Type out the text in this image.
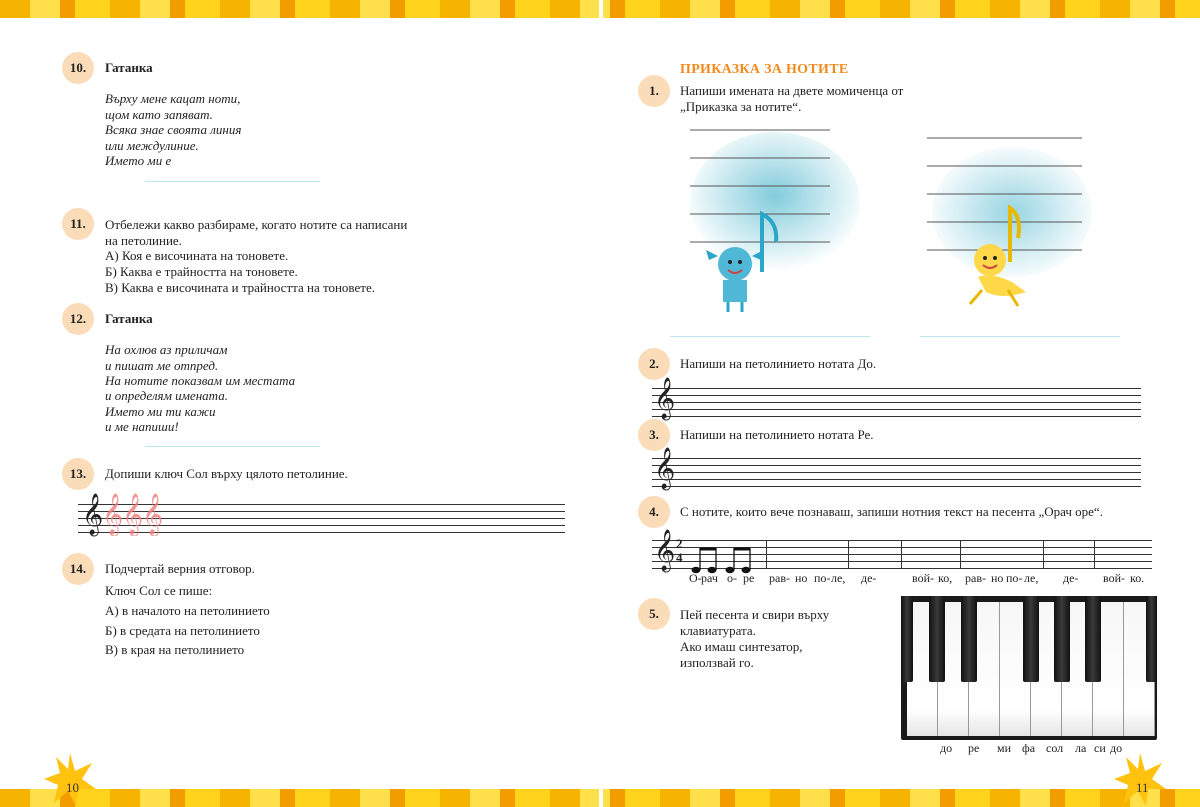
10.	Гатанка
Върху мене кацат ноти,
щом като запяват.
Всяка знае своята линия
или междулиние.
Името ми е
11.	Отбележи какво разбираме, когато нотите са написани
на петолиние.
А) Коя е височината на тоновете.
Б) Каква е трайността на тоновете.
В) Каква е височината и трайността на тоновете.
12.	Гатанка
На охлюв аз приличам
и пишат ме отпред.
На нотите показвам им местата
и определям имената.
Името ми ти кажи
и ме напиши!
13.	Допиши ключ Сол върху цялото петолиние.
𝄞
𝄞
𝄞
𝄞
14.	Подчертай верния отговор.
Ключ Сол се пише:
А) в началото на петолинието
Б) в средата на петолинието
В) в края на петолинието
10
ПРИКАЗКА ЗА НОТИТЕ
1.	Напиши имената на двете момиченца от
„Приказка за нотите“.
2.	Напиши на петолинието нотата До.
𝄞
3.	Напиши на петолинието нотата Ре.
𝄞
4.	С нотите, които вече познаваш, запиши нотния текст на песента „Орач оре“.
𝄞 2
4
О- рач о- ре рав- но по- ле, де-	вой- ко, рав- но по- ле, де- вой- ко.
5.	Пей песента и свири върху
клавиатурата.
Ако имаш синтезатор,
използвай го.
до ре ми фа сол ла си до
11
